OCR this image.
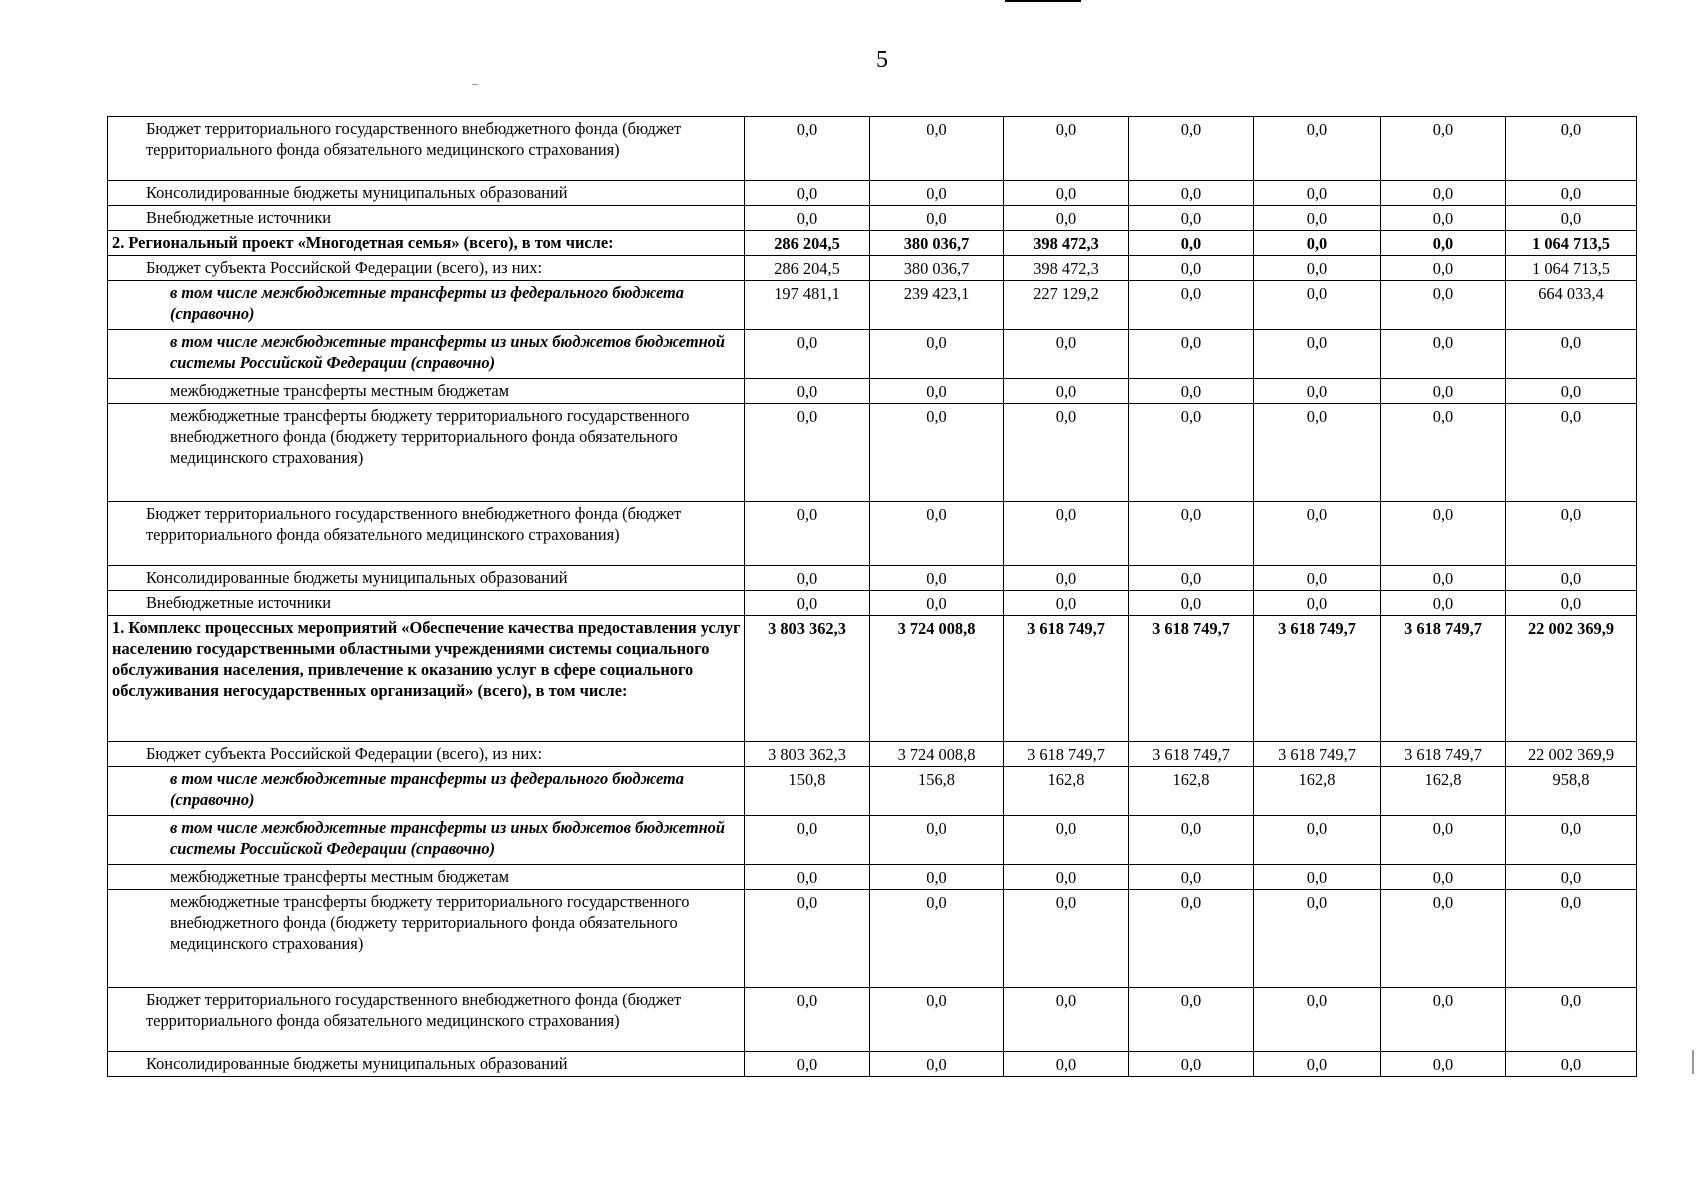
5
Бюджет территориального государственного внебюджетного фонда (бюджет территориального фонда обязательного медицинского страхования)	0,0	0,0	0,0	0,0	0,0	0,0	0,0
Консолидированные бюджеты муниципальных образований	0,0	0,0	0,0	0,0	0,0	0,0	0,0
Внебюджетные источники	0,0	0,0	0,0	0,0	0,0	0,0	0,0
2. Региональный проект «Многодетная семья» (всего), в том числе:	286 204,5	380 036,7	398 472,3	0,0	0,0	0,0	1 064 713,5
Бюджет субъекта Российской Федерации (всего), из них:	286 204,5	380 036,7	398 472,3	0,0	0,0	0,0	1 064 713,5
в том числе межбюджетные трансферты из федерального бюджета (справочно)	197 481,1	239 423,1	227 129,2	0,0	0,0	0,0	664 033,4
в том числе межбюджетные трансферты из иных бюджетов бюджетной системы Российской Федерации (справочно)	0,0	0,0	0,0	0,0	0,0	0,0	0,0
межбюджетные трансферты местным бюджетам	0,0	0,0	0,0	0,0	0,0	0,0	0,0
межбюджетные трансферты бюджету территориального государственного внебюджетного фонда (бюджету территориального фонда обязательного медицинского страхования)	0,0	0,0	0,0	0,0	0,0	0,0	0,0
Бюджет территориального государственного внебюджетного фонда (бюджет территориального фонда обязательного медицинского страхования)	0,0	0,0	0,0	0,0	0,0	0,0	0,0
Консолидированные бюджеты муниципальных образований	0,0	0,0	0,0	0,0	0,0	0,0	0,0
Внебюджетные источники	0,0	0,0	0,0	0,0	0,0	0,0	0,0
1. Комплекс процессных мероприятий «Обеспечение качества предоставления услуг населению государственными областными учреждениями системы социального обслуживания населения, привлечение к оказанию услуг в сфере социального обслуживания негосударственных организаций» (всего), в том числе:	3 803 362,3	3 724 008,8	3 618 749,7	3 618 749,7	3 618 749,7	3 618 749,7	22 002 369,9
Бюджет субъекта Российской Федерации (всего), из них:	3 803 362,3	3 724 008,8	3 618 749,7	3 618 749,7	3 618 749,7	3 618 749,7	22 002 369,9
в том числе межбюджетные трансферты из федерального бюджета (справочно)	150,8	156,8	162,8	162,8	162,8	162,8	958,8
в том числе межбюджетные трансферты из иных бюджетов бюджетной системы Российской Федерации (справочно)	0,0	0,0	0,0	0,0	0,0	0,0	0,0
межбюджетные трансферты местным бюджетам	0,0	0,0	0,0	0,0	0,0	0,0	0,0
межбюджетные трансферты бюджету территориального государственного внебюджетного фонда (бюджету территориального фонда обязательного медицинского страхования)	0,0	0,0	0,0	0,0	0,0	0,0	0,0
Бюджет территориального государственного внебюджетного фонда (бюджет территориального фонда обязательного медицинского страхования)	0,0	0,0	0,0	0,0	0,0	0,0	0,0
Консолидированные бюджеты муниципальных образований	0,0	0,0	0,0	0,0	0,0	0,0	0,0
